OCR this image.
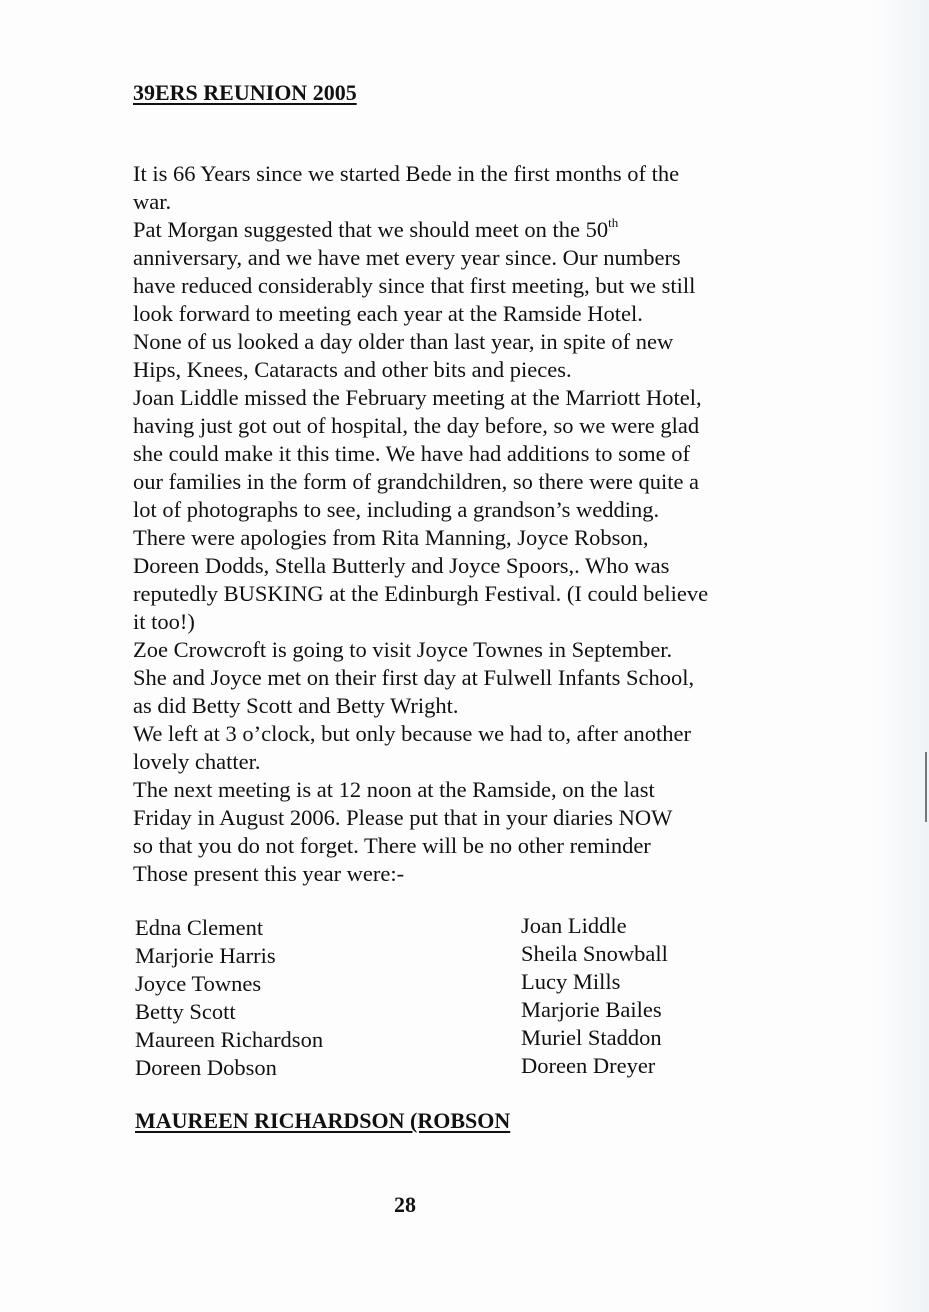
39ERS REUNION 2005
It is 66 Years since we started Bede in the first months of the
war.
Pat Morgan suggested that we should meet on the 50th
anniversary, and we have met every year since. Our numbers
have reduced considerably since that first meeting, but we still
look forward to meeting each year at the Ramside Hotel.
None of us looked a day older than last year, in spite of new
Hips, Knees, Cataracts and other bits and pieces.
Joan Liddle missed the February meeting at the Marriott Hotel,
having just got out of hospital, the day before, so we were glad
she could make it this time. We have had additions to some of
our families in the form of grandchildren, so there were quite a
lot of photographs to see, including a grandson’s wedding.
There were apologies from Rita Manning, Joyce Robson,
Doreen Dodds, Stella Butterly and Joyce Spoors,. Who was
reputedly BUSKING at the Edinburgh Festival. (I could believe
it too!)
Zoe Crowcroft is going to visit Joyce Townes in September.
She and Joyce met on their first day at Fulwell Infants School,
as did Betty Scott and Betty Wright.
We left at 3 o’clock, but only because we had to, after another
lovely chatter.
The next meeting is at 12 noon at the Ramside, on the last
Friday in August 2006. Please put that in your diaries NOW
so that you do not forget. There will be no other reminder
Those present this year were:-
Edna Clement
Marjorie Harris
Joyce Townes
Betty Scott
Maureen Richardson
Doreen Dobson
Joan Liddle
Sheila Snowball
Lucy Mills
Marjorie Bailes
Muriel Staddon
Doreen Dreyer
MAUREEN RICHARDSON (ROBSON
28
